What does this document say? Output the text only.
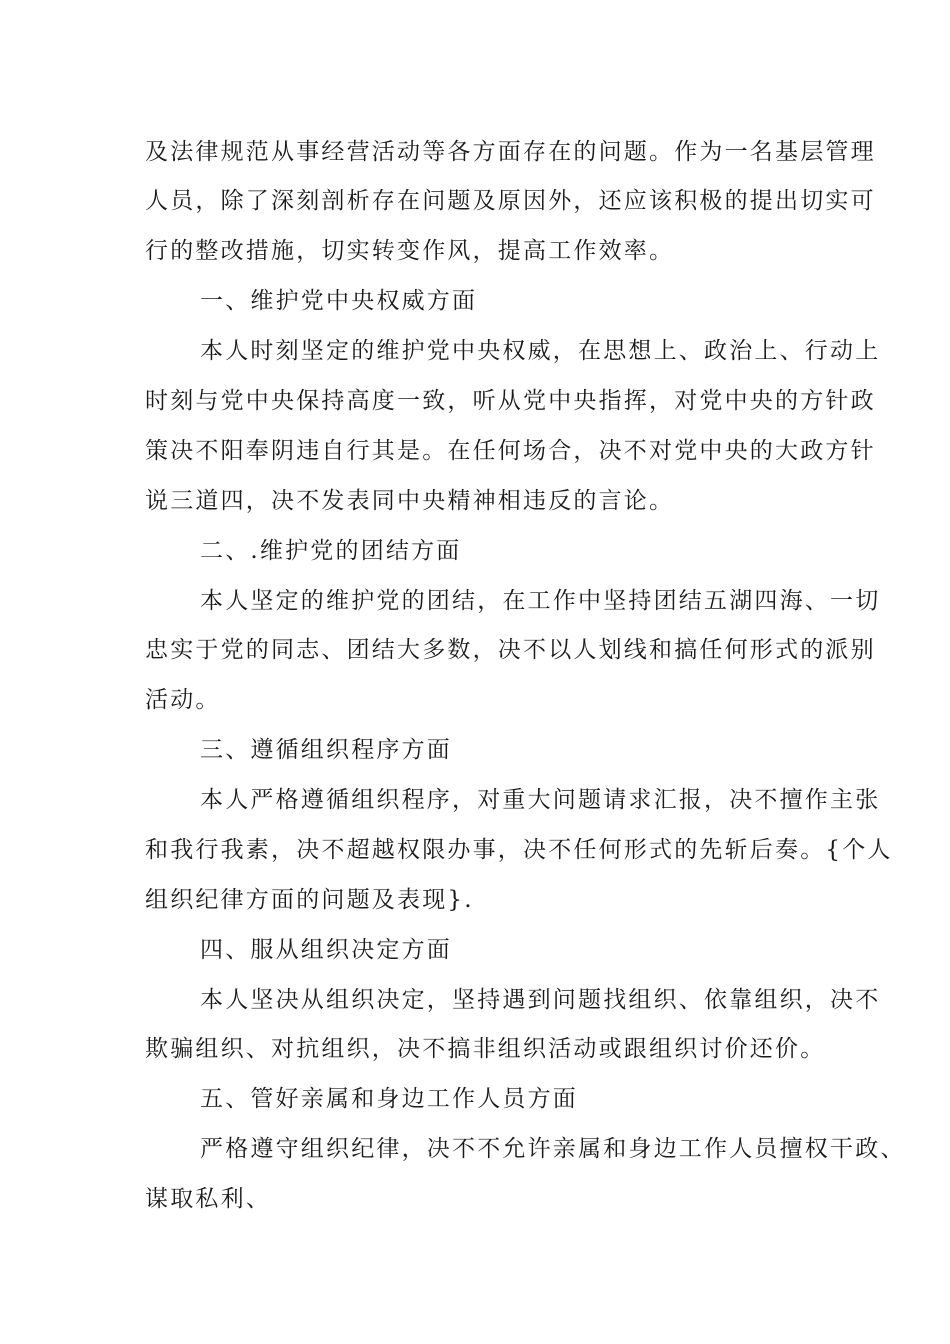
及法律规范从事经营活动等各方面存在的问题。作为一名基层管理
人员，除了深刻剖析存在问题及原因外，还应该积极的提出切实可
行的整改措施，切实转变作风，提高工作效率。
一、维护党中央权威方面
本人时刻坚定的维护党中央权威，在思想上、政治上、行动上
时刻与党中央保持高度一致，听从党中央指挥，对党中央的方针政
策决不阳奉阴违自行其是。在任何场合，决不对党中央的大政方针
说三道四，决不发表同中央精神相违反的言论。
二、.维护党的团结方面
本人坚定的维护党的团结，在工作中坚持团结五湖四海、一切
忠实于党的同志、团结大多数，决不以人划线和搞任何形式的派别
活动。
三、遵循组织程序方面
本人严格遵循组织程序，对重大问题请求汇报，决不擅作主张
和我行我素，决不超越权限办事，决不任何形式的先斩后奏。{个人
组织纪律方面的问题及表现}.
四、服从组织决定方面
本人坚决从组织决定，坚持遇到问题找组织、依靠组织，决不
欺骗组织、对抗组织，决不搞非组织活动或跟组织讨价还价。
五、管好亲属和身边工作人员方面
严格遵守组织纪律，决不不允许亲属和身边工作人员擅权干政、
谋取私利、
